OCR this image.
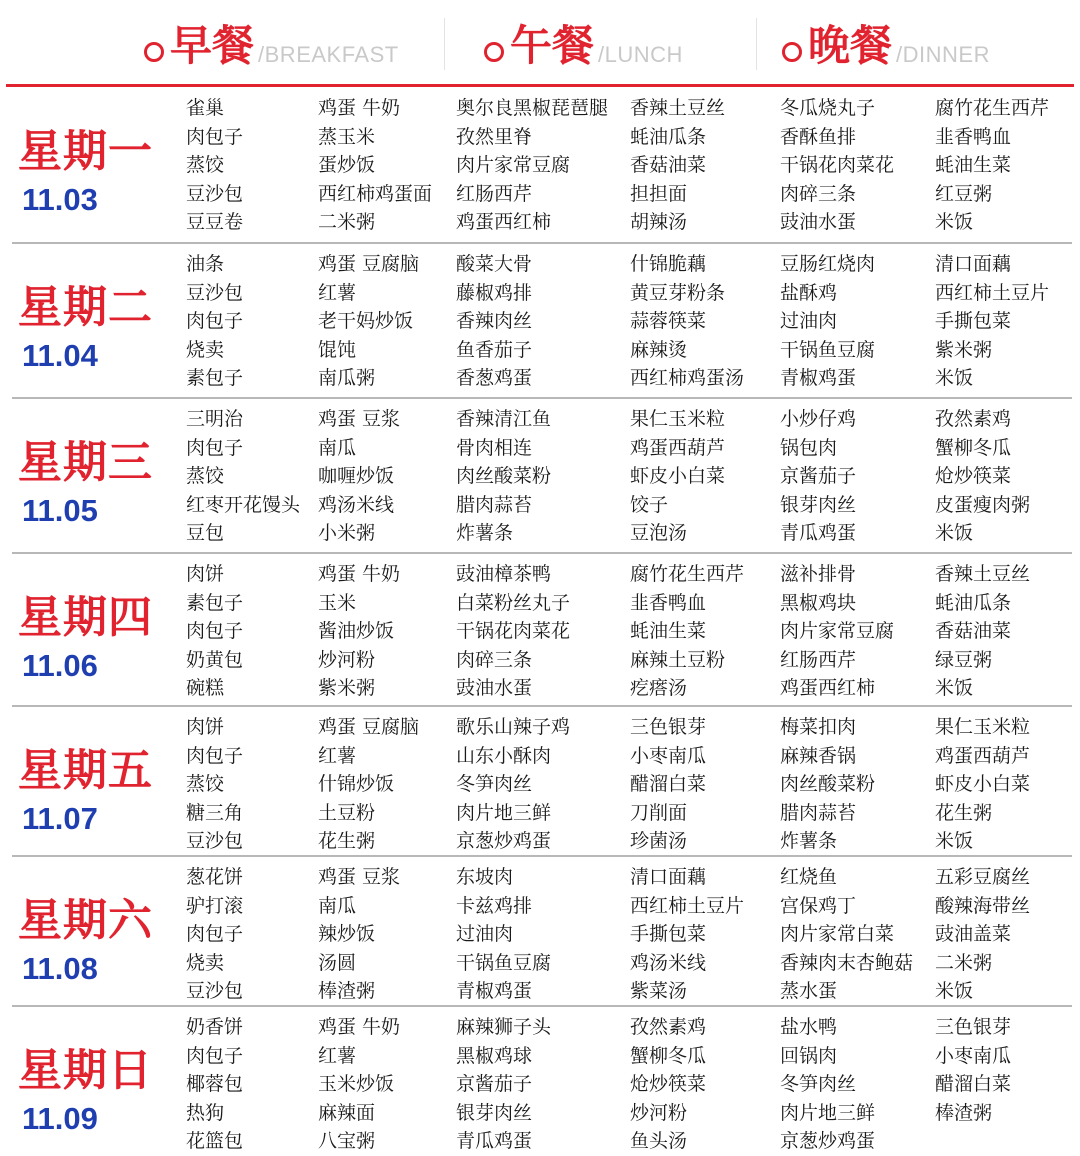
早餐 /BREAKFAST	午餐 /LUNCH	晚餐 /DINNER
星期一
11.03
雀巢
肉包子
蒸饺
豆沙包
豆豆卷
鸡蛋 牛奶
蒸玉米
蛋炒饭
西红柿鸡蛋面
二米粥
奥尔良黑椒琵琶腿
孜然里脊
肉片家常豆腐
红肠西芹
鸡蛋西红柿
香辣土豆丝
蚝油瓜条
香菇油菜
担担面
胡辣汤
冬瓜烧丸子
香酥鱼排
干锅花肉菜花
肉碎三条
豉油水蛋
腐竹花生西芹
韭香鸭血
蚝油生菜
红豆粥
米饭
星期二
11.04
油条
豆沙包
肉包子
烧卖
素包子
鸡蛋 豆腐脑
红薯
老干妈炒饭
馄饨
南瓜粥
酸菜大骨
藤椒鸡排
香辣肉丝
鱼香茄子
香葱鸡蛋
什锦脆藕
黄豆芽粉条
蒜蓉筷菜
麻辣烫
西红柿鸡蛋汤
豆肠红烧肉
盐酥鸡
过油肉
干锅鱼豆腐
青椒鸡蛋
清口面藕
西红柿土豆片
手撕包菜
紫米粥
米饭
星期三
11.05
三明治
肉包子
蒸饺
红枣开花馒头
豆包
鸡蛋 豆浆
南瓜
咖喱炒饭
鸡汤米线
小米粥
香辣清江鱼
骨肉相连
肉丝酸菜粉
腊肉蒜苔
炸薯条
果仁玉米粒
鸡蛋西葫芦
虾皮小白菜
饺子
豆泡汤
小炒仔鸡
锅包肉
京酱茄子
银芽肉丝
青瓜鸡蛋
孜然素鸡
蟹柳冬瓜
炝炒筷菜
皮蛋瘦肉粥
米饭
星期四
11.06
肉饼
素包子
肉包子
奶黄包
碗糕
鸡蛋 牛奶
玉米
酱油炒饭
炒河粉
紫米粥
豉油樟茶鸭
白菜粉丝丸子
干锅花肉菜花
肉碎三条
豉油水蛋
腐竹花生西芹
韭香鸭血
蚝油生菜
麻辣土豆粉
疙瘩汤
滋补排骨
黑椒鸡块
肉片家常豆腐
红肠西芹
鸡蛋西红柿
香辣土豆丝
蚝油瓜条
香菇油菜
绿豆粥
米饭
星期五
11.07
肉饼
肉包子
蒸饺
糖三角
豆沙包
鸡蛋 豆腐脑
红薯
什锦炒饭
土豆粉
花生粥
歌乐山辣子鸡
山东小酥肉
冬笋肉丝
肉片地三鲜
京葱炒鸡蛋
三色银芽
小枣南瓜
醋溜白菜
刀削面
珍菌汤
梅菜扣肉
麻辣香锅
肉丝酸菜粉
腊肉蒜苔
炸薯条
果仁玉米粒
鸡蛋西葫芦
虾皮小白菜
花生粥
米饭
星期六
11.08
葱花饼
驴打滚
肉包子
烧卖
豆沙包
鸡蛋 豆浆
南瓜
辣炒饭
汤圆
棒渣粥
东坡肉
卡兹鸡排
过油肉
干锅鱼豆腐
青椒鸡蛋
清口面藕
西红柿土豆片
手撕包菜
鸡汤米线
紫菜汤
红烧鱼
宫保鸡丁
肉片家常白菜
香辣肉末杏鲍菇
蒸水蛋
五彩豆腐丝
酸辣海带丝
豉油盖菜
二米粥
米饭
星期日
11.09
奶香饼
肉包子
椰蓉包
热狗
花篮包
鸡蛋 牛奶
红薯
玉米炒饭
麻辣面
八宝粥
麻辣狮子头
黑椒鸡球
京酱茄子
银芽肉丝
青瓜鸡蛋
孜然素鸡
蟹柳冬瓜
炝炒筷菜
炒河粉
鱼头汤
盐水鸭
回锅肉
冬笋肉丝
肉片地三鲜
京葱炒鸡蛋
三色银芽
小枣南瓜
醋溜白菜
棒渣粥
